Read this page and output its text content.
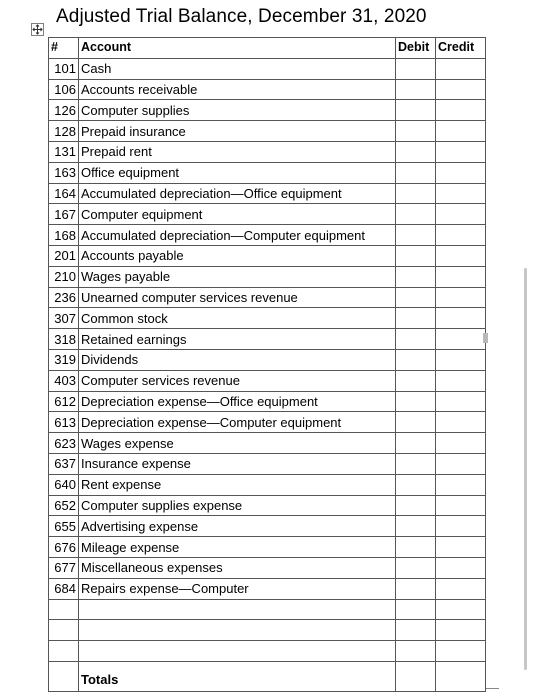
Adjusted Trial Balance, December 31, 2020
#	Account	Debit	Credit
101	Cash		
106	Accounts receivable		
126	Computer supplies		
128	Prepaid insurance		
131	Prepaid rent		
163	Office equipment		
164	Accumulated depreciation—Office equipment		
167	Computer equipment		
168	Accumulated depreciation—Computer equipment		
201	Accounts payable		
210	Wages payable		
236	Unearned computer services revenue		
307	Common stock		
318	Retained earnings		
319	Dividends		
403	Computer services revenue		
612	Depreciation expense—Office equipment		
613	Depreciation expense—Computer equipment		
623	Wages expense		
637	Insurance expense		
640	Rent expense		
652	Computer supplies expense		
655	Advertising expense		
676	Mileage expense		
677	Miscellaneous expenses		
684	Repairs expense—Computer		

	Totals		
